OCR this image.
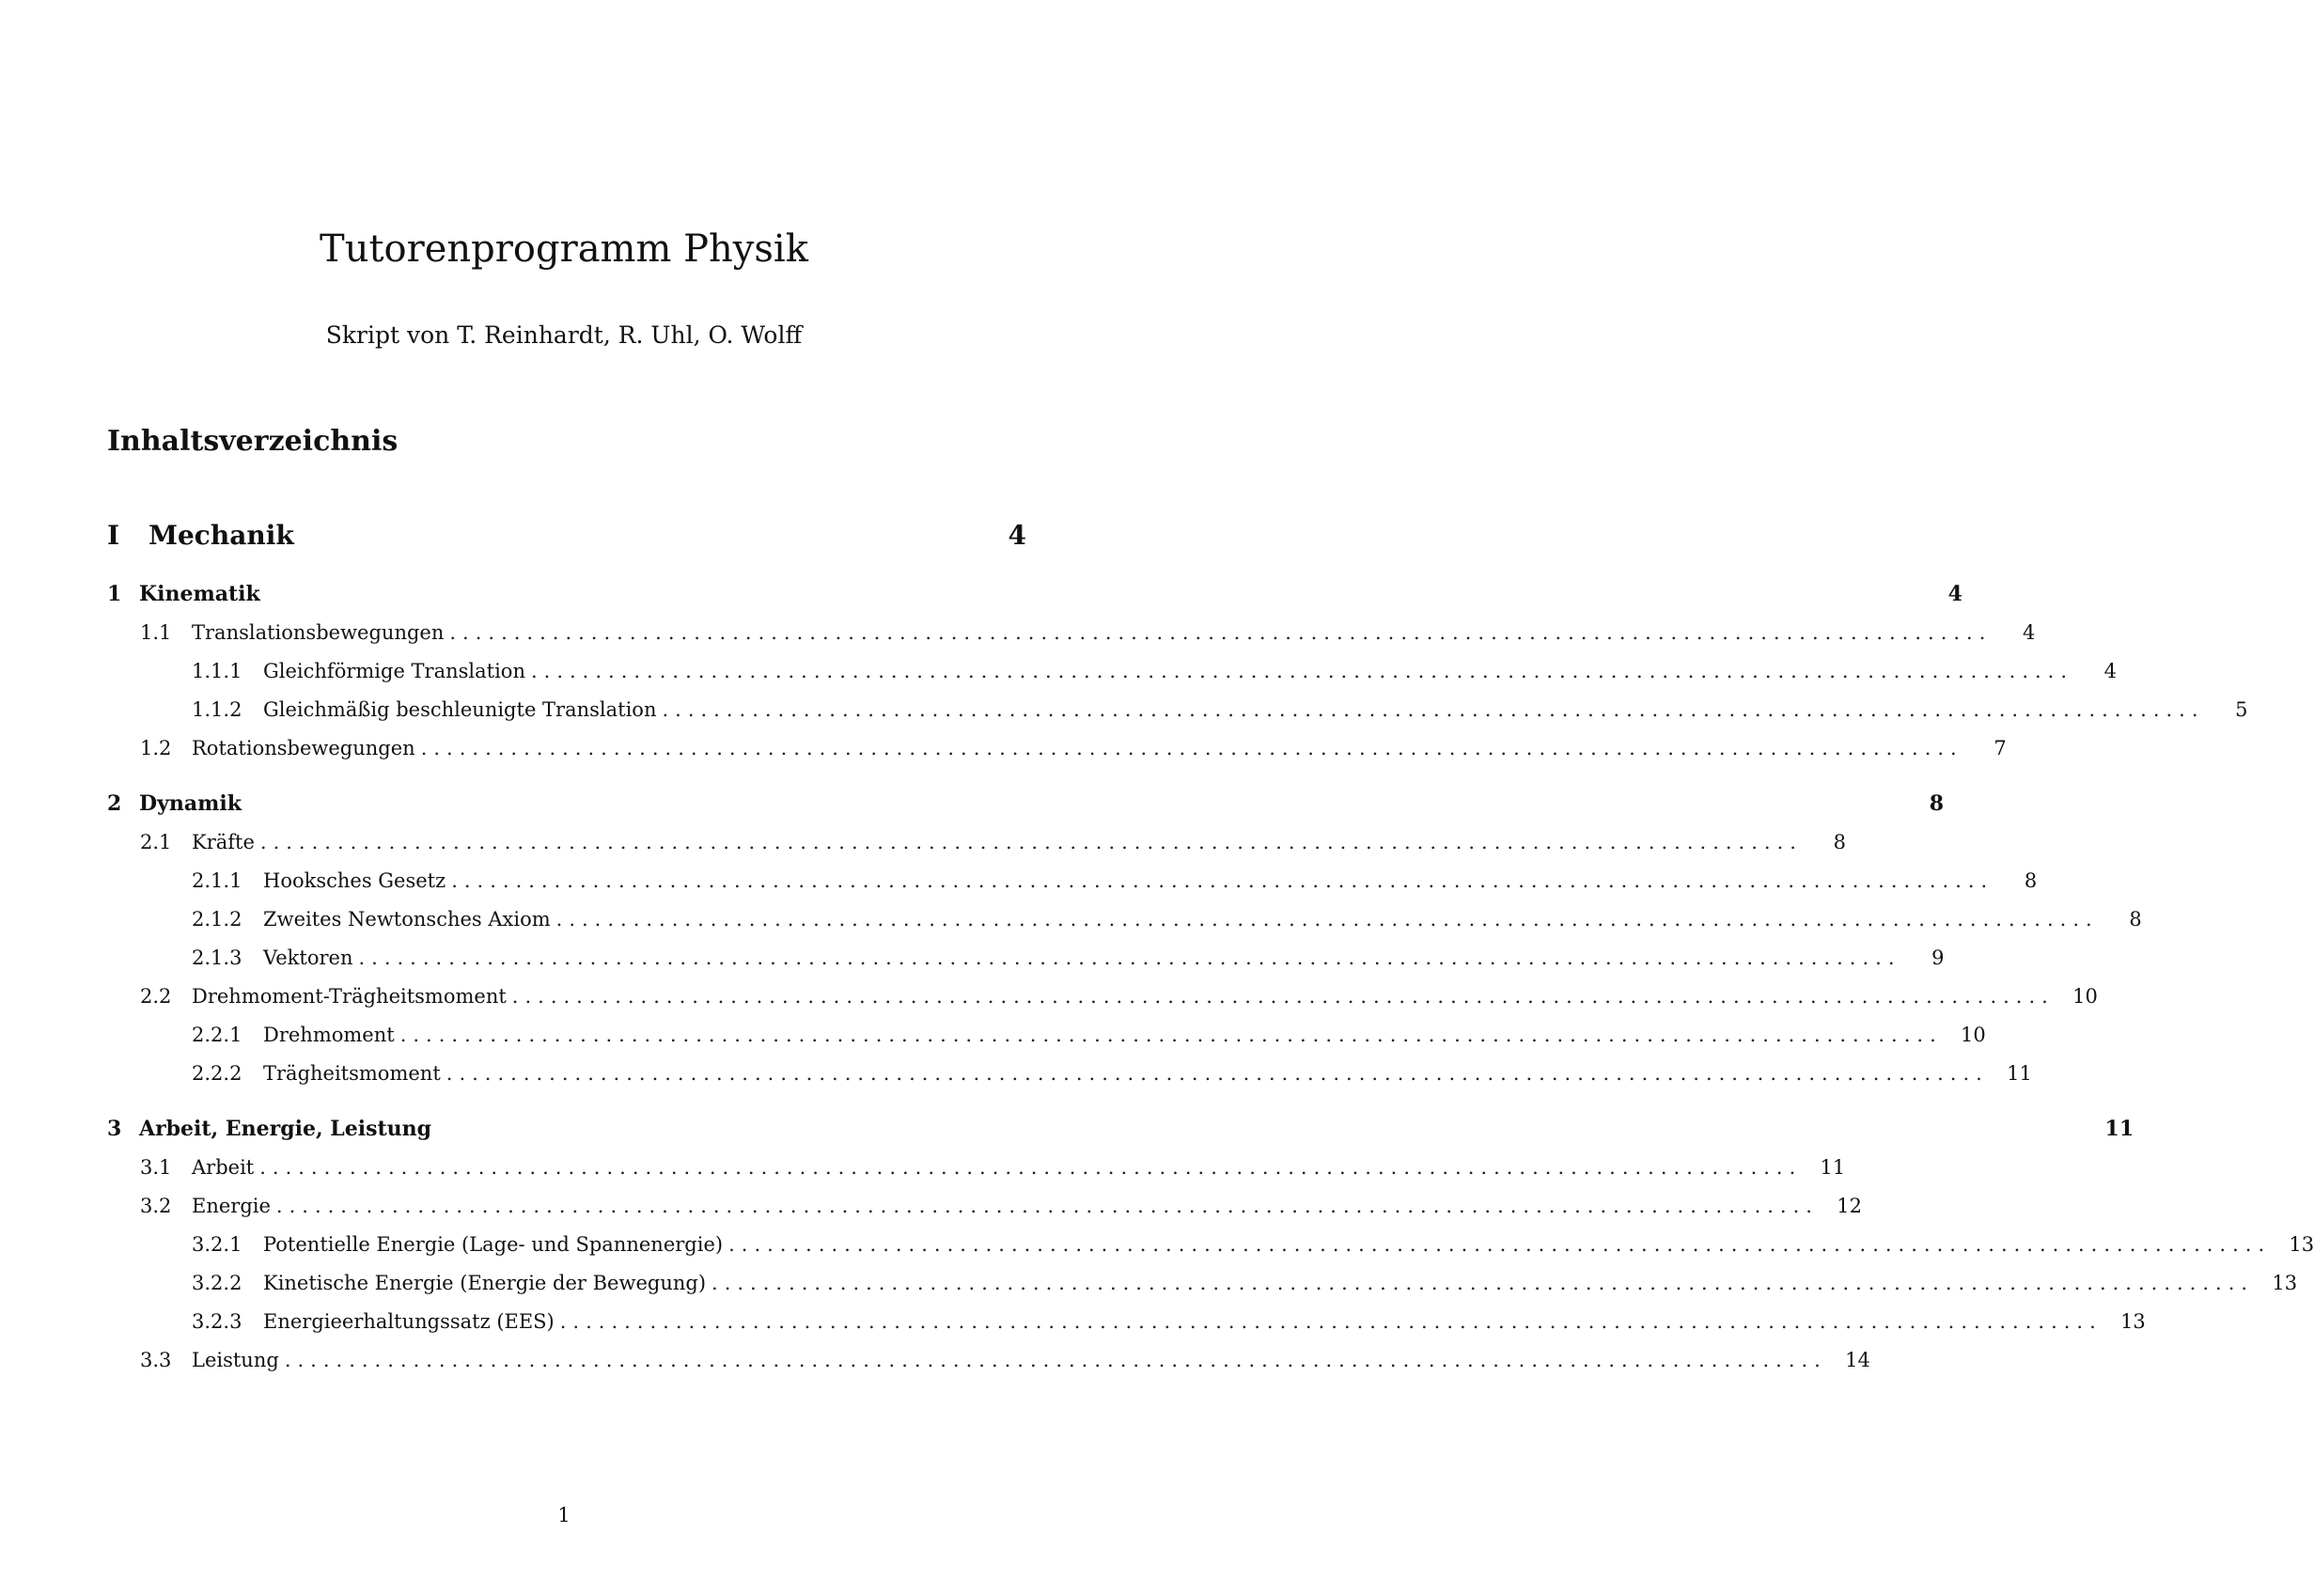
Tutorenprogramm Physik

Skript von T. Reinhardt, R. Uhl, O. Wolff

Inhaltsverzeichnis
I	Mechanik	4
1 Kinematik	4
1.1	Translationsbewegungen ........................................................................................................................	4
1.1.1	Gleichförmige Translation ........................................................................................................................	4
1.1.2	Gleichmäßig beschleunigte Translation ........................................................................................................................	5
1.2	Rotationsbewegungen ........................................................................................................................	7
2 Dynamik	8
2.1	Kräfte ........................................................................................................................	8
2.1.1	Hooksches Gesetz ........................................................................................................................	8
2.1.2	Zweites Newtonsches Axiom ........................................................................................................................	8
2.1.3	Vektoren ........................................................................................................................	9
2.2	Drehmoment-Trägheitsmoment ........................................................................................................................ 10
2.2.1	Drehmoment ........................................................................................................................ 10
2.2.2	Trägheitsmoment ........................................................................................................................ 11
3 Arbeit, Energie, Leistung	11
3.1	Arbeit ........................................................................................................................ 11
3.2	Energie ........................................................................................................................ 12
3.2.1	Potentielle Energie (Lage- und Spannenergie) ........................................................................................................................ 13
3.2.2	Kinetische Energie (Energie der Bewegung) ........................................................................................................................ 13
3.2.3	Energieerhaltungssatz (EES) ........................................................................................................................ 13
3.3	Leistung ........................................................................................................................ 14
1
